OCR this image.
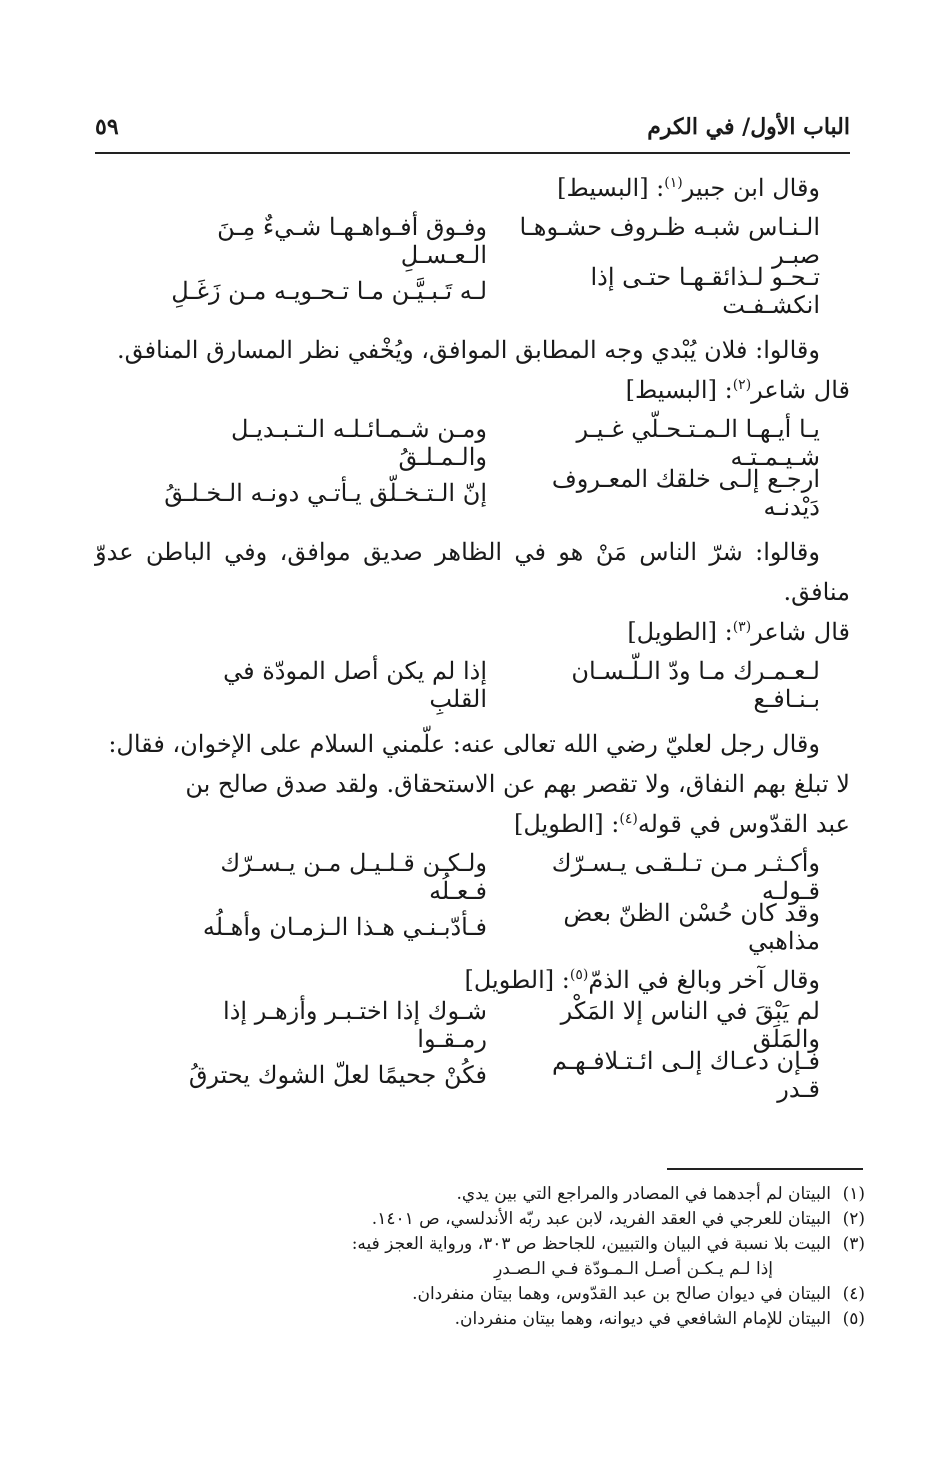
الباب الأول/ في الكرم
٥٩

وقال ابن جبير$^{(١)}$: [البسيط]

الـنـاس شبـه ظـروف حشـوهـا صبـر
وفـوق أفـواهـهـا شـيءٌ مِـنَ الـعـسـلِ
تـحـو لـذائقـهـا حتـى إذا انكشـفـت
لـه تَـبـيَّـن مـا تـحـويـه مـن زَغَـلِ

وقالوا: فلان يُبْدي وجه المطابق الموافق، ويُخْفي نظر المسارق المنافق.

قال شاعر$^{(٢)}$: [البسيط]

يـا أيـهـا الـمـتـحـلّي غـيـر شـيـمـتـه
ومـن شـمـائـلـه الـتـبـديـل والـمـلـقُ
ارجـع إلـى خلقك المعـروف دَيْدنـه
إنّ الـتـخـلّق يـأتـي دونـه الـخـلـقُ

وقالوا: شرّ الناس مَنْ هو في الظاهر صديق موافق، وفي الباطن عدوّ منافق.

قال شاعر$^{(٣)}$: [الطويل]

لـعـمـرك مـا ودّ الـلّـسـان بـنـافـع
إذا لم يكن أصل المودّة في القلبِ

وقال رجل لعليّ رضي الله تعالى عنه: علّمني السلام على الإخوان، فقال:

لا تبلغ بهم النفاق، ولا تقصر بهم عن الاستحقاق. ولقد صدق صالح بن

عبد القدّوس في قوله$^{(٤)}$: [الطويل]

وأكـثـر مـن تـلـقـى يـسـرّك قـولـه
ولـكـن قـلـيـل مـن يـسـرّك فـعـلُه
وقد كان حُسْن الظنّ بعض مذاهبي
فـأدّبـنـي هـذا الـزمـان وأهـلُه

وقال آخر وبالغ في الذمّ$^{(٥)}$: [الطويل]

لم يَبْقَ في الناس إلا المَكْر والمَلَق
شـوك إذا اختـبـر وأزهـر إذا رمـقـوا
فـإن دعـاك إلـى ائـتـلافـهـم قـدر
فكُنْ جحيمًا لعلّ الشوك يحترقُ
(١)البيتان لم أجدهما في المصادر والمراجع التي بين يدي.
(٢)البيتان للعرجي في العقد الفريد، لابن عبد ربّه الأندلسي، ص ١٤٠١.
(٣)البيت بلا نسبة في البيان والتبيين، للجاحظ ص ٣٠٣، ورواية العجز فيه:
إذا لـم يـكـن أصـل الـمـودّة فـي الـصـدرِ
(٤)البيتان في ديوان صالح بن عبد القدّوس، وهما بيتان منفردان.
(٥)البيتان للإمام الشافعي في ديوانه، وهما بيتان منفردان.
